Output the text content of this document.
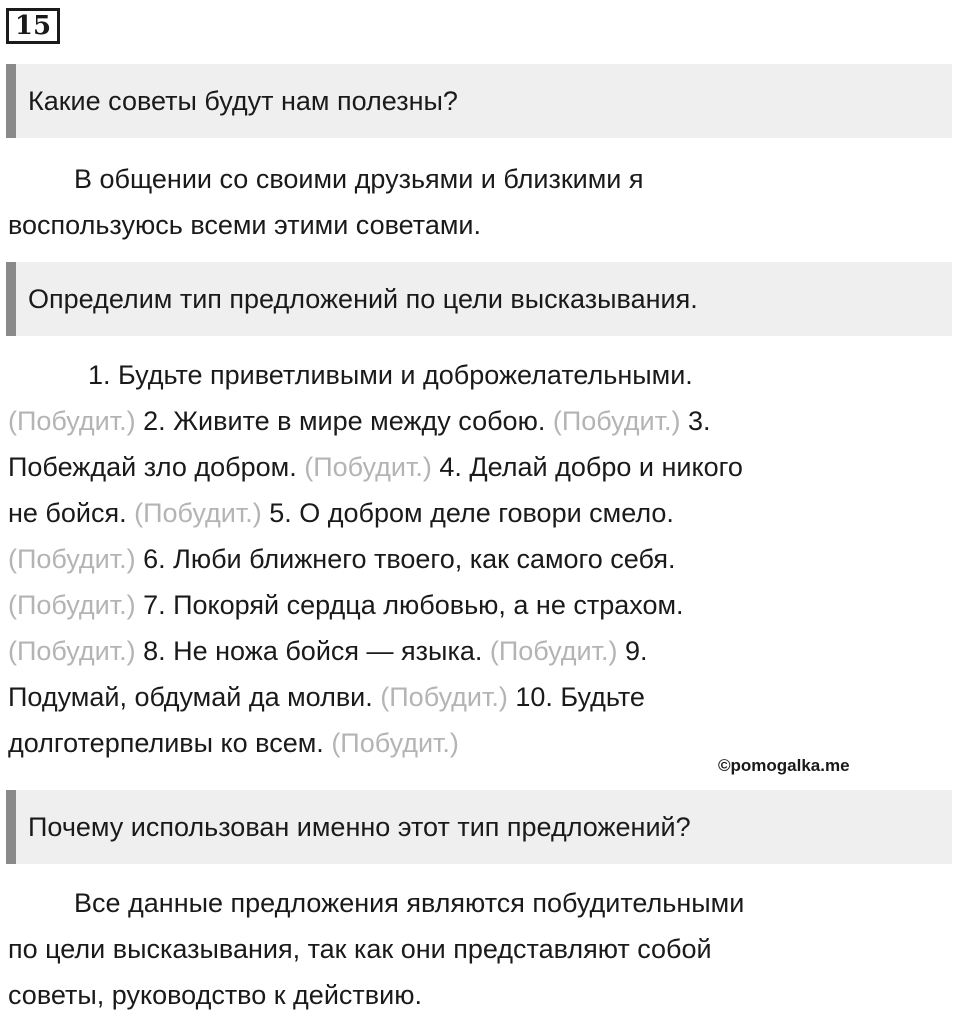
15
Какие советы будут нам полезны?
В общении со своими друзьями и близкими я
воспользуюсь всеми этими советами.
Определим тип предложений по цели высказывания.
1. Будьте приветливыми и доброжелательными.
(Побудит.) 2. Живите в мире между собою. (Побудит.) 3.
Побеждай зло добром. (Побудит.) 4. Делай добро и никого
не бойся. (Побудит.) 5. О добром деле говори смело.
(Побудит.) 6. Люби ближнего твоего, как самого себя.
(Побудит.) 7. Покоряй сердца любовью, а не страхом.
(Побудит.) 8. Не ножа бойся — языка. (Побудит.) 9.
Подумай, обдумай да молви. (Побудит.) 10. Будьте
долготерпеливы ко всем. (Побудит.)
©pomogalka.me
Почему использован именно этот тип предложений?
Все данные предложения являются побудительными
по цели высказывания, так как они представляют собой
советы, руководство к действию.
